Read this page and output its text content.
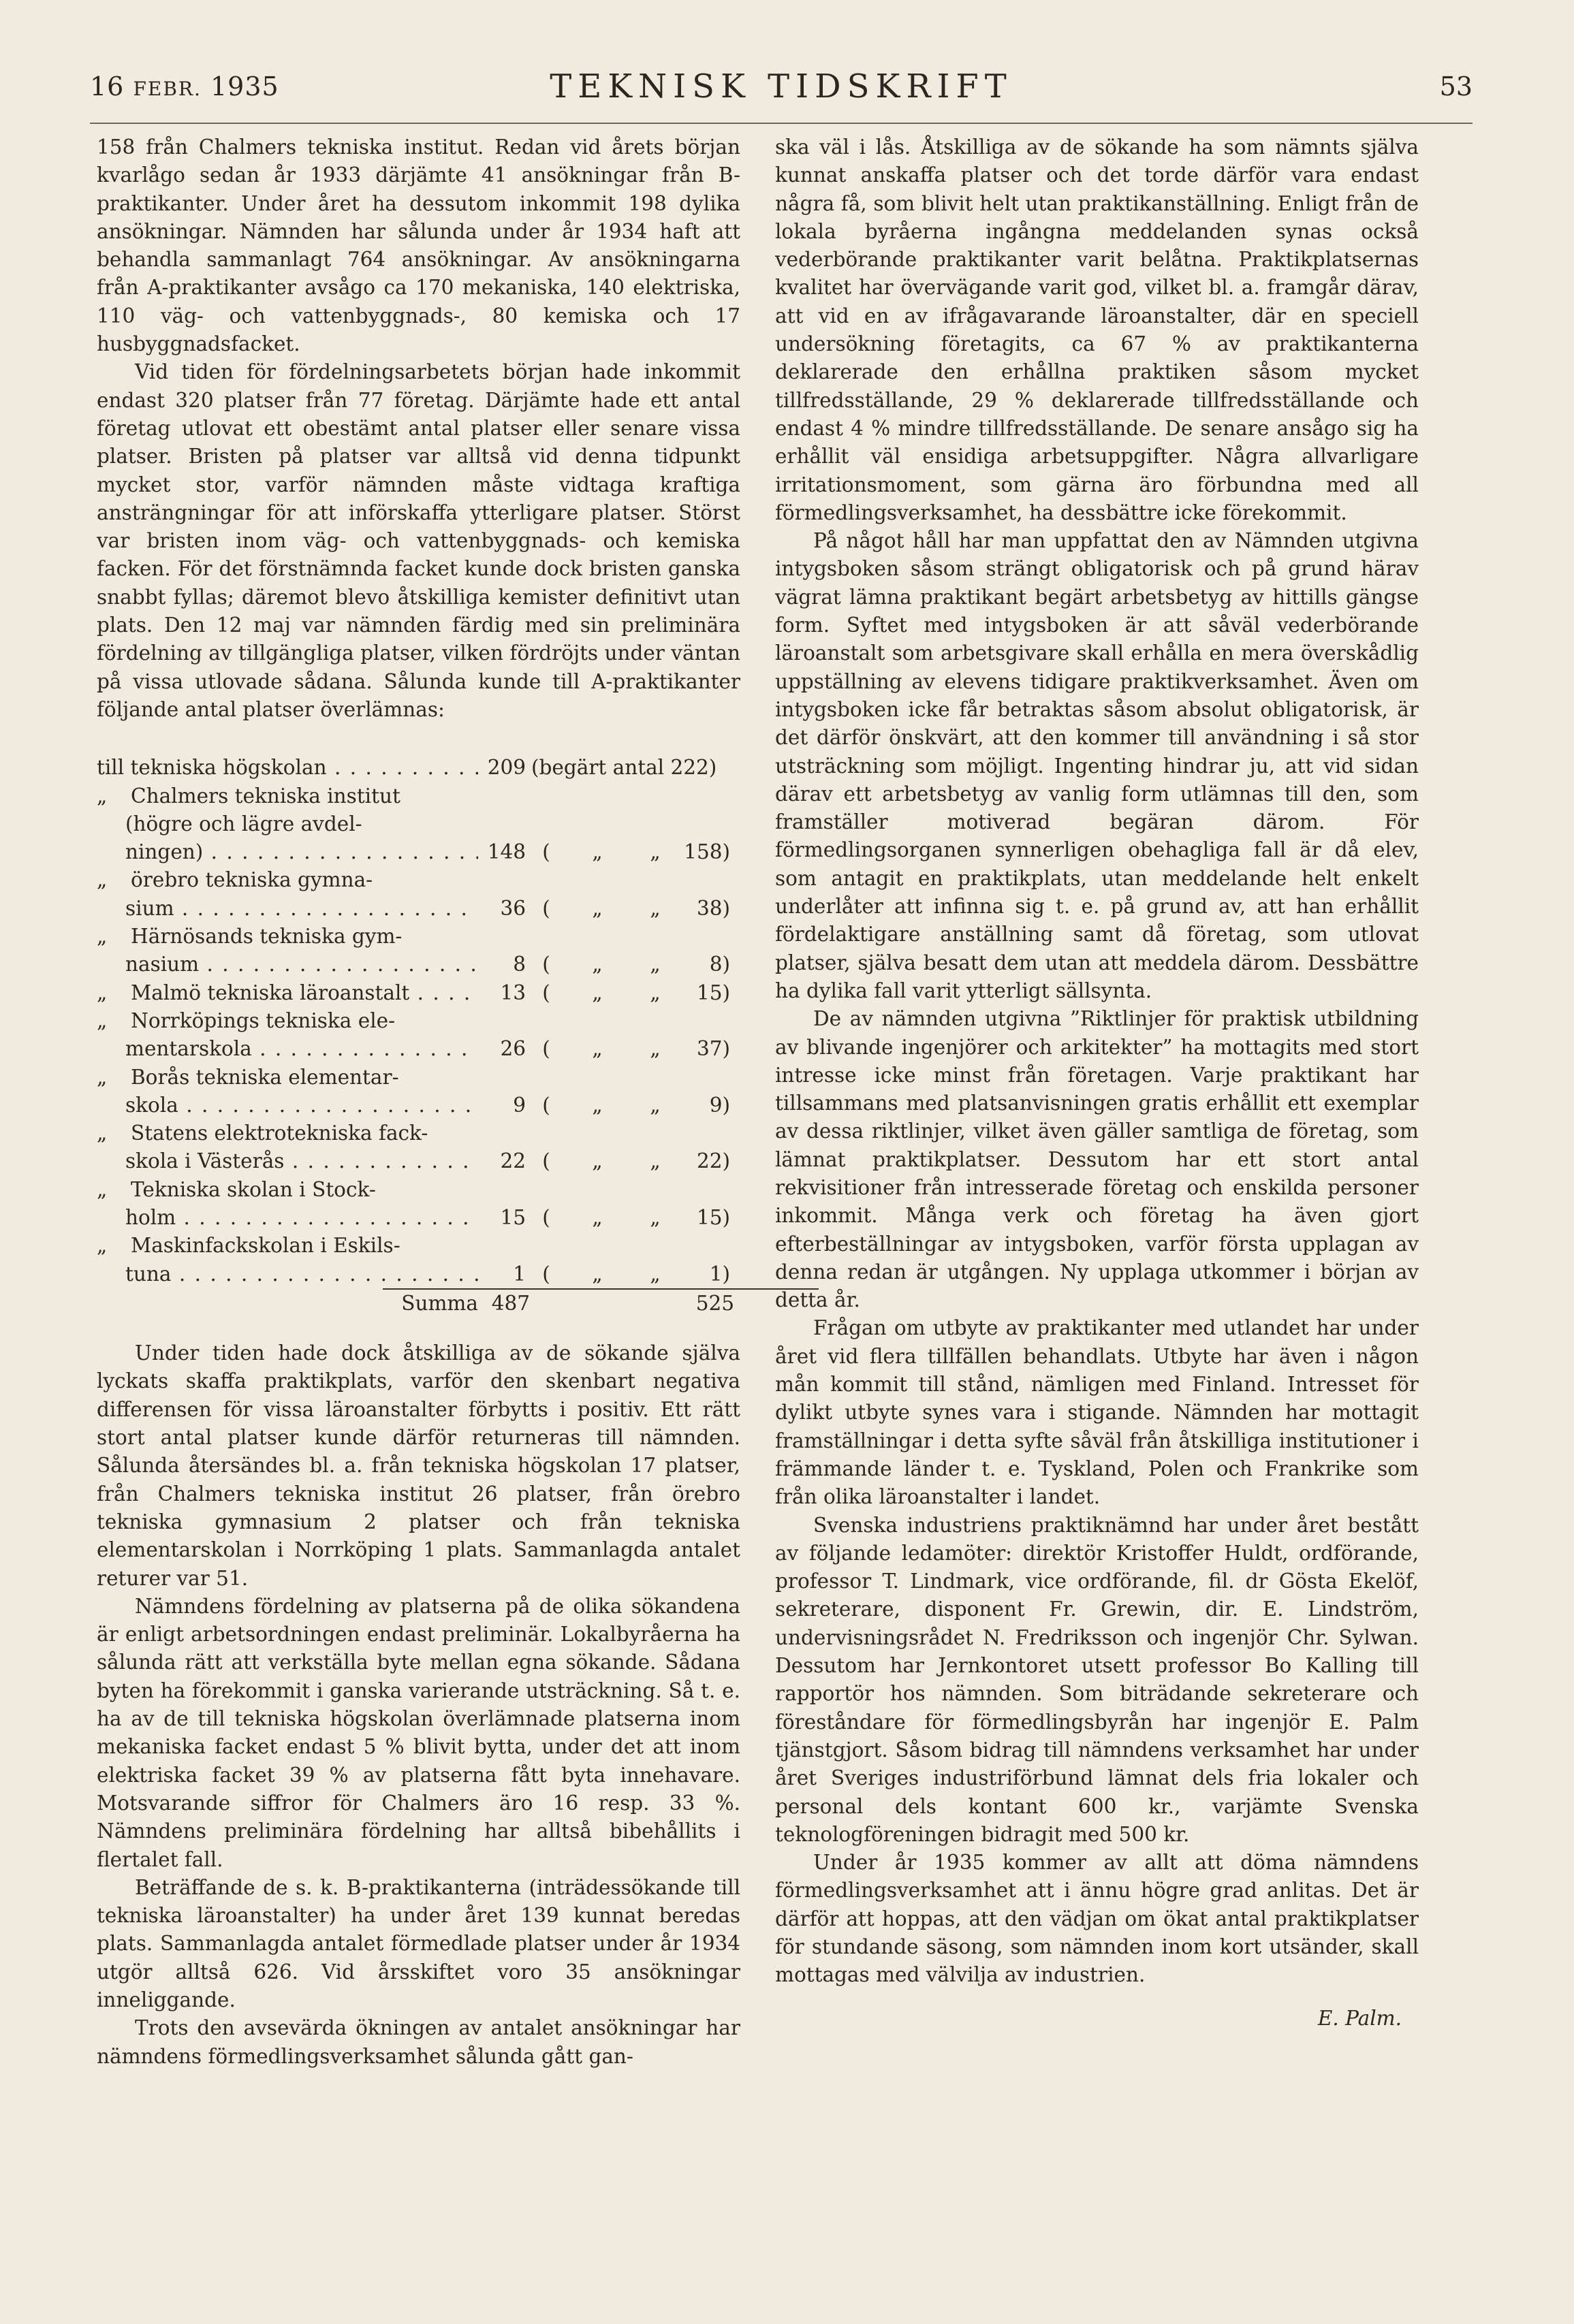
16 FEBR. 1935	TEKNISK TIDSKRIFT	53

158 från Chalmers tekniska institut. Redan vid årets början kvarlågo sedan år 1933 därjämte 41 ansökningar från B-praktikanter. Under året ha dessutom inkommit 198 dylika ansökningar. Nämnden har sålunda under år 1934 haft att behandla sammanlagt 764 ansökningar. Av ansökningarna från A-praktikanter avsågo ca 170 mekaniska, 140 elektriska, 110 väg- och vattenbyggnads-, 80 kemiska och 17 husbyggnadsfacket.

Vid tiden för fördelningsarbetets början hade inkommit endast 320 platser från 77 företag. Därjämte hade ett antal företag utlovat ett obestämt antal platser eller senare vissa platser. Bristen på platser var alltså vid denna tidpunkt mycket stor, varför nämnden måste vidtaga kraftiga ansträngningar för att införskaffa ytterligare platser. Störst var bristen inom väg- och vattenbyggnads- och kemiska facken. För det förstnämnda facket kunde dock bristen ganska snabbt fyllas; däremot blevo åtskilliga kemister definitivt utan plats. Den 12 maj var nämnden färdig med sin preliminära fördelning av tillgängliga platser, vilken fördröjts under väntan på vissa utlovade sådana. Sålunda kunde till A-praktikanter följande antal platser överlämnas:

till tekniska högskolan . . .	209 (begärt antal 222)
„ Chalmers tekniska institut
(högre och lägre avdel-
ningen) . . .	148 (	„	„	158)
„ örebro tekniska gymna-
sium . . .	36 (	„	„	38)
„ Härnösands tekniska gym-
nasium . . .	8 (	„	„	8)
„	Malmö tekniska läroanstalt . . .	13 (	„	„	15)
„ Norrköpings tekniska ele-
mentarskola . . .	26 (	„	„	37)
„ Borås tekniska elementar-
skola . . .	9 (	„	„	9)
„ Statens elektrotekniska fack-
skola i Västerås . . .	22 (	„	„	22)
„ Tekniska skolan i Stock-
holm . . .	15 (	„	„	15)
„ Maskinfackskolan i Eskils-
tuna . . .	1 (	„	„	1)
Summa 487	525

Under tiden hade dock åtskilliga av de sökande själva lyckats skaffa praktikplats, varför den skenbart negativa differensen för vissa läroanstalter förbytts i positiv. Ett rätt stort antal platser kunde därför returneras till nämnden. Sålunda återsändes bl. a. från tekniska högskolan 17 platser, från Chalmers tekniska institut 26 platser, från örebro tekniska gymnasium 2 platser och från tekniska elementarskolan i Norrköping 1 plats. Sammanlagda antalet returer var 51.

Nämndens fördelning av platserna på de olika sökandena är enligt arbetsordningen endast preliminär. Lokalbyråerna ha sålunda rätt att verkställa byte mellan egna sökande. Sådana byten ha förekommit i ganska varierande utsträckning. Så t. e. ha av de till tekniska högskolan överlämnade platserna inom mekaniska facket endast 5 % blivit bytta, under det att inom elektriska facket 39 % av platserna fått byta innehavare. Motsvarande siffror för Chalmers äro 16 resp. 33 %. Nämndens preliminära fördelning har alltså bibehållits i flertalet fall.

Beträffande de s. k. B-praktikanterna (inträdessökande till tekniska läroanstalter) ha under året 139 kunnat beredas plats. Sammanlagda antalet förmedlade platser under år 1934 utgör alltså 626. Vid årsskiftet voro 35 ansökningar inneliggande.

Trots den avsevärda ökningen av antalet ansökningar har nämndens förmedlingsverksamhet sålunda gått gan-

ska väl i lås. Åtskilliga av de sökande ha som nämnts själva kunnat anskaffa platser och det torde därför vara endast några få, som blivit helt utan praktikanställning. Enligt från de lokala byråerna ingångna meddelanden synas också vederbörande praktikanter varit belåtna. Praktikplatsernas kvalitet har övervägande varit god, vilket bl. a. framgår därav, att vid en av ifrågavarande läroanstalter, där en speciell undersökning företagits, ca 67 % av praktikanterna deklarerade den erhållna praktiken såsom mycket tillfredsställande, 29 % deklarerade tillfredsställande och endast 4 % mindre tillfredsställande. De senare ansågo sig ha erhållit väl ensidiga arbetsuppgifter. Några allvarligare irritationsmoment, som gärna äro förbundna med all förmedlingsverksamhet, ha dessbättre icke förekommit.

På något håll har man uppfattat den av Nämnden utgivna intygsboken såsom strängt obligatorisk och på grund härav vägrat lämna praktikant begärt arbetsbetyg av hittills gängse form. Syftet med intygsboken är att såväl vederbörande läroanstalt som arbetsgivare skall erhålla en mera överskådlig uppställning av elevens tidigare praktikverksamhet. Även om intygsboken icke får betraktas såsom absolut obligatorisk, är det därför önskvärt, att den kommer till användning i så stor utsträckning som möjligt. Ingenting hindrar ju, att vid sidan därav ett arbetsbetyg av vanlig form utlämnas till den, som framställer motiverad begäran därom. För förmedlingsorganen synnerligen obehagliga fall är då elev, som antagit en praktikplats, utan meddelande helt enkelt underlåter att infinna sig t. e. på grund av, att han erhållit fördelaktigare anställning samt då företag, som utlovat platser, själva besatt dem utan att meddela därom. Dessbättre ha dylika fall varit ytterligt sällsynta.

De av nämnden utgivna ”Riktlinjer för praktisk utbildning av blivande ingenjörer och arkitekter” ha mottagits med stort intresse icke minst från företagen. Varje praktikant har tillsammans med platsanvisningen gratis erhållit ett exemplar av dessa riktlinjer, vilket även gäller samtliga de företag, som lämnat praktikplatser. Dessutom har ett stort antal rekvisitioner från intresserade företag och enskilda personer inkommit. Många verk och företag ha även gjort efterbeställningar av intygsboken, varför första upplagan av denna redan är utgången. Ny upplaga utkommer i början av detta år.

Frågan om utbyte av praktikanter med utlandet har under året vid flera tillfällen behandlats. Utbyte har även i någon mån kommit till stånd, nämligen med Finland. Intresset för dylikt utbyte synes vara i stigande. Nämnden har mottagit framställningar i detta syfte såväl från åtskilliga institutioner i främmande länder t. e. Tyskland, Polen och Frankrike som från olika läroanstalter i landet.

Svenska industriens praktiknämnd har under året bestått av följande ledamöter: direktör Kristoffer Huldt, ordförande, professor T. Lindmark, vice ordförande, fil. dr Gösta Ekelöf, sekreterare, disponent Fr. Grewin, dir. E. Lindström, undervisningsrådet N. Fredriksson och ingenjör Chr. Sylwan. Dessutom har Jernkontoret utsett professor Bo Kalling till rapportör hos nämnden. Som biträdande sekreterare och föreståndare för förmedlingsbyrån har ingenjör E. Palm tjänstgjort. Såsom bidrag till nämndens verksamhet har under året Sveriges industriförbund lämnat dels fria lokaler och personal dels kontant 600 kr., varjämte Svenska teknologföreningen bidragit med 500 kr.

Under år 1935 kommer av allt att döma nämndens förmedlingsverksamhet att i ännu högre grad anlitas. Det är därför att hoppas, att den vädjan om ökat antal praktikplatser för stundande säsong, som nämnden inom kort utsänder, skall mottagas med välvilja av industrien.

E. Palm.
